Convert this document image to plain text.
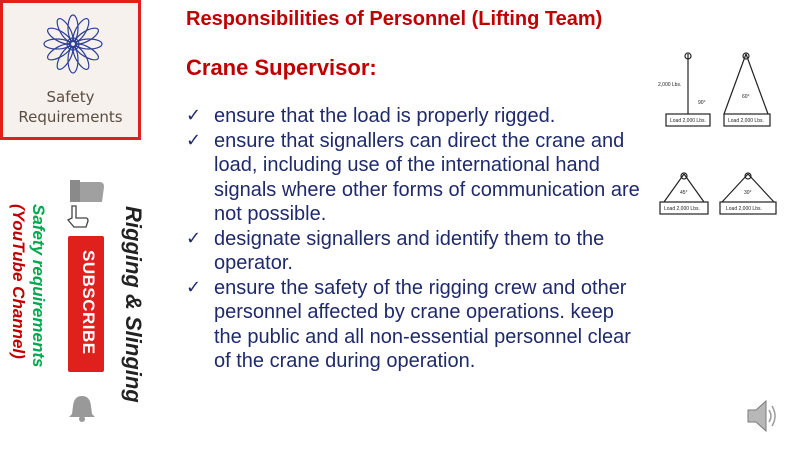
Safety
Requirements
Responsibilities of Personnel (Lifting Team)
Crane Supervisor:
✓ ensure that the load is properly rigged.
✓ ensure that signallers can direct the crane and load, including use of the international hand signals where other forms of communication are not possible.
✓ designate signallers and identify them to the operator.
✓ ensure the safety of the rigging crew and other personnel affected by crane operations. keep the public and all non-essential personnel clear of the crane during operation.
(YouTube Channel) Safety requirements	Rigging & Slinging
SUBSCRIBE
2,000 Lbs.
Load 2,000 Lbs.	Load 2,000 Lbs.
Load 2,000 Lbs.	Load 2,000 Lbs.
90°
60°
45°	30°
